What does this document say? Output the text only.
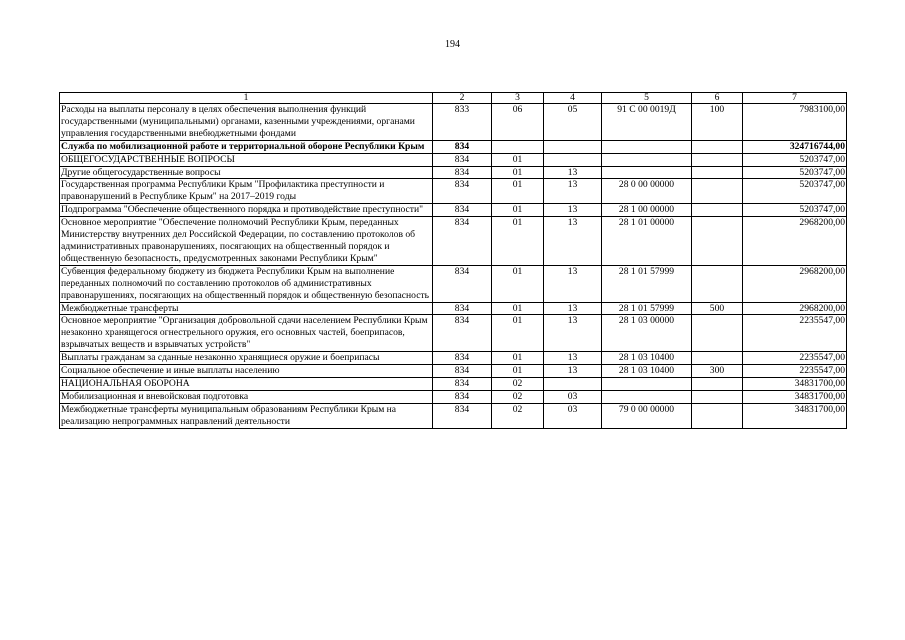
194
1	2	3	4	5	6	7
Расходы на выплаты персоналу в целях обеспечения выполнения функций государственными (муниципальными) органами, казенными учреждениями, органами управления государственными внебюджетными фондами	833	06	05	91 С 00 0019Д	100	7983100,00
Служба по мобилизационной работе и территориальной обороне Республики Крым	834					324716744,00
ОБЩЕГОСУДАРСТВЕННЫЕ ВОПРОСЫ	834	01				5203747,00
Другие общегосударственные вопросы	834	01	13			5203747,00
Государственная программа Республики Крым "Профилактика преступности и правонарушений в Республике Крым" на 2017–2019 годы	834	01	13	28 0 00 00000		5203747,00
Подпрограмма "Обеспечение общественного порядка и противодействие преступности"	834	01	13	28 1 00 00000		5203747,00
Основное мероприятие "Обеспечение полномочий Республики Крым, переданных Министерству внутренних дел Российской Федерации, по составлению протоколов об административных правонарушениях, посягающих на общественный порядок и общественную безопасность, предусмотренных законами Республики Крым"	834	01	13	28 1 01 00000		2968200,00
Субвенция федеральному бюджету из бюджета Республики Крым на выполнение переданных полномочий по составлению протоколов об административных правонарушениях, посягающих на общественный порядок и общественную безопасность	834	01	13	28 1 01 57999		2968200,00
Межбюджетные трансферты	834	01	13	28 1 01 57999	500	2968200,00
Основное мероприятие "Организация добровольной сдачи населением Республики Крым незаконно хранящегося огнестрельного оружия, его основных частей, боеприпасов, взрывчатых веществ и взрывчатых устройств"	834	01	13	28 1 03 00000		2235547,00
Выплаты гражданам за сданные незаконно хранящиеся оружие и боеприпасы	834	01	13	28 1 03 10400		2235547,00
Социальное обеспечение и иные выплаты населению	834	01	13	28 1 03 10400	300	2235547,00
НАЦИОНАЛЬНАЯ ОБОРОНА	834	02				34831700,00
Мобилизационная и вневойсковая подготовка	834	02	03			34831700,00
Межбюджетные трансферты муниципальным образованиям Республики Крым на реализацию непрограммных направлений деятельности	834	02	03	79 0 00 00000		34831700,00
